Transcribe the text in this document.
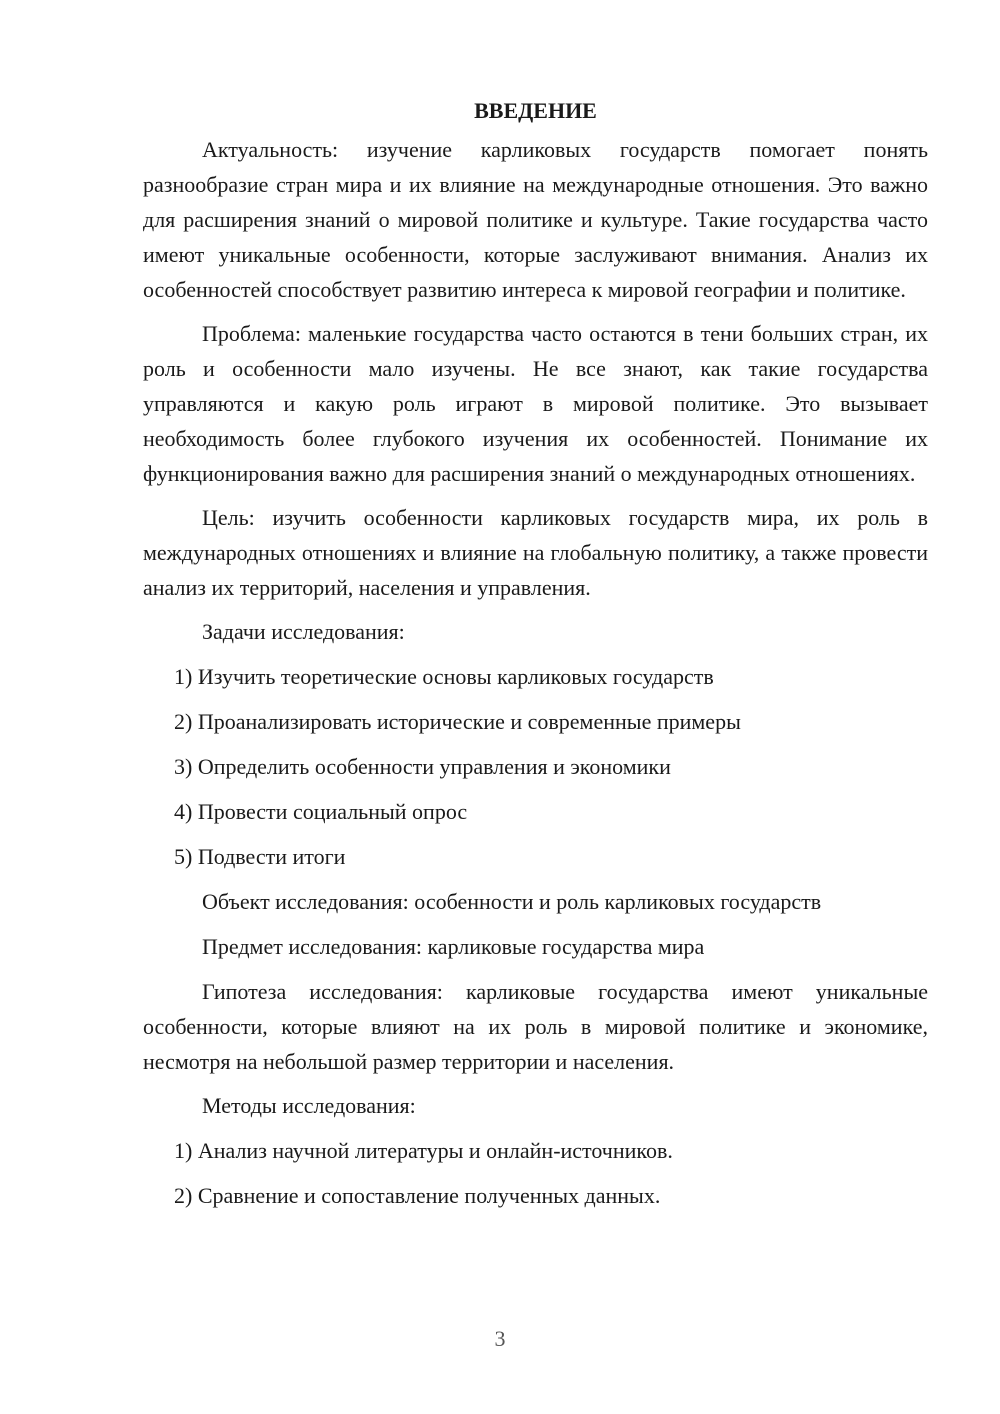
ВВЕДЕНИЕ

Актуальность: изучение карликовых государств помогает понять разнообразие стран мира и их влияние на международные отношения. Это важно для расширения знаний о мировой политике и культуре. Такие государства часто имеют уникальные особенности, которые заслуживают внимания. Анализ их особенностей способствует развитию интереса к мировой географии и политике.

Проблема: маленькие государства часто остаются в тени больших стран, их роль и особенности мало изучены. Не все знают, как такие государства управляются и какую роль играют в мировой политике. Это вызывает необходимость более глубокого изучения их особенностей. Понимание их функционирования важно для расширения знаний о международных отношениях.

Цель: изучить особенности карликовых государств мира, их роль в международных отношениях и влияние на глобальную политику, а также провести анализ их территорий, населения и управления.

Задачи исследования:

1) Изучить теоретические основы карликовых государств
2) Проанализировать исторические и современные примеры
3) Определить особенности управления и экономики
4) Провести социальный опрос
5) Подвести итоги

Объект исследования: особенности и роль карликовых государств

Предмет исследования: карликовые государства мира

Гипотеза исследования: карликовые государства имеют уникальные особенности, которые влияют на их роль в мировой политике и экономике, несмотря на небольшой размер территории и населения.

Методы исследования:

1) Анализ научной литературы и онлайн-источников.
2) Сравнение и сопоставление полученных данных.
3
